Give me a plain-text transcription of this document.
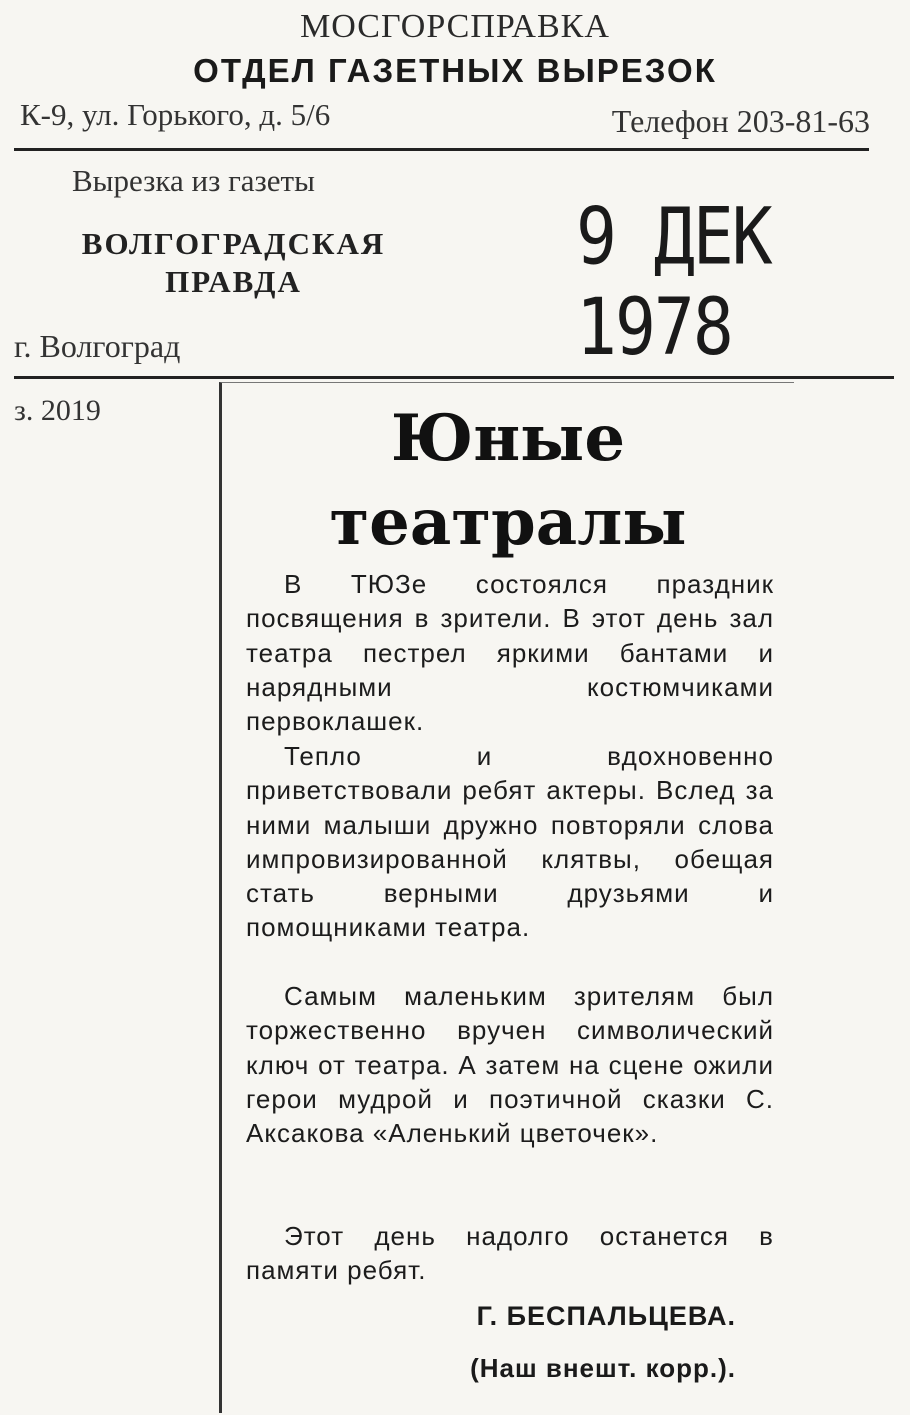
МОСГОРСПРАВКА
ОТДЕЛ ГАЗЕТНЫХ ВЫРЕЗОК
К-9, ул. Горького, д. 5/6	Телефон 203-81-63
Вырезка из газеты
ВОЛГОГРАДСКАЯ ПРАВДА	9 ДЕК 1978
г. Волгоград
з. 2019	Юные театралы

В ТЮЗе состоялся праздник посвящения в зрители. В этот день зал театра пестрел яркими бантами и нарядными костюмчиками первоклашек.

Тепло и вдохновенно приветствовали ребят актеры. Вслед за ними малыши дружно повторяли слова импровизированной клятвы, обещая стать верными друзьями и помощниками театра.

Самым маленьким зрителям был торжественно вручен символический ключ от театра. А затем на сцене ожили герои мудрой и поэтичной сказки С. Аксакова «Аленький цветочек».

Этот день надолго останется в памяти ребят.

Г. БЕСПАЛЬЦЕВА.
(Наш внешт. корр.).
